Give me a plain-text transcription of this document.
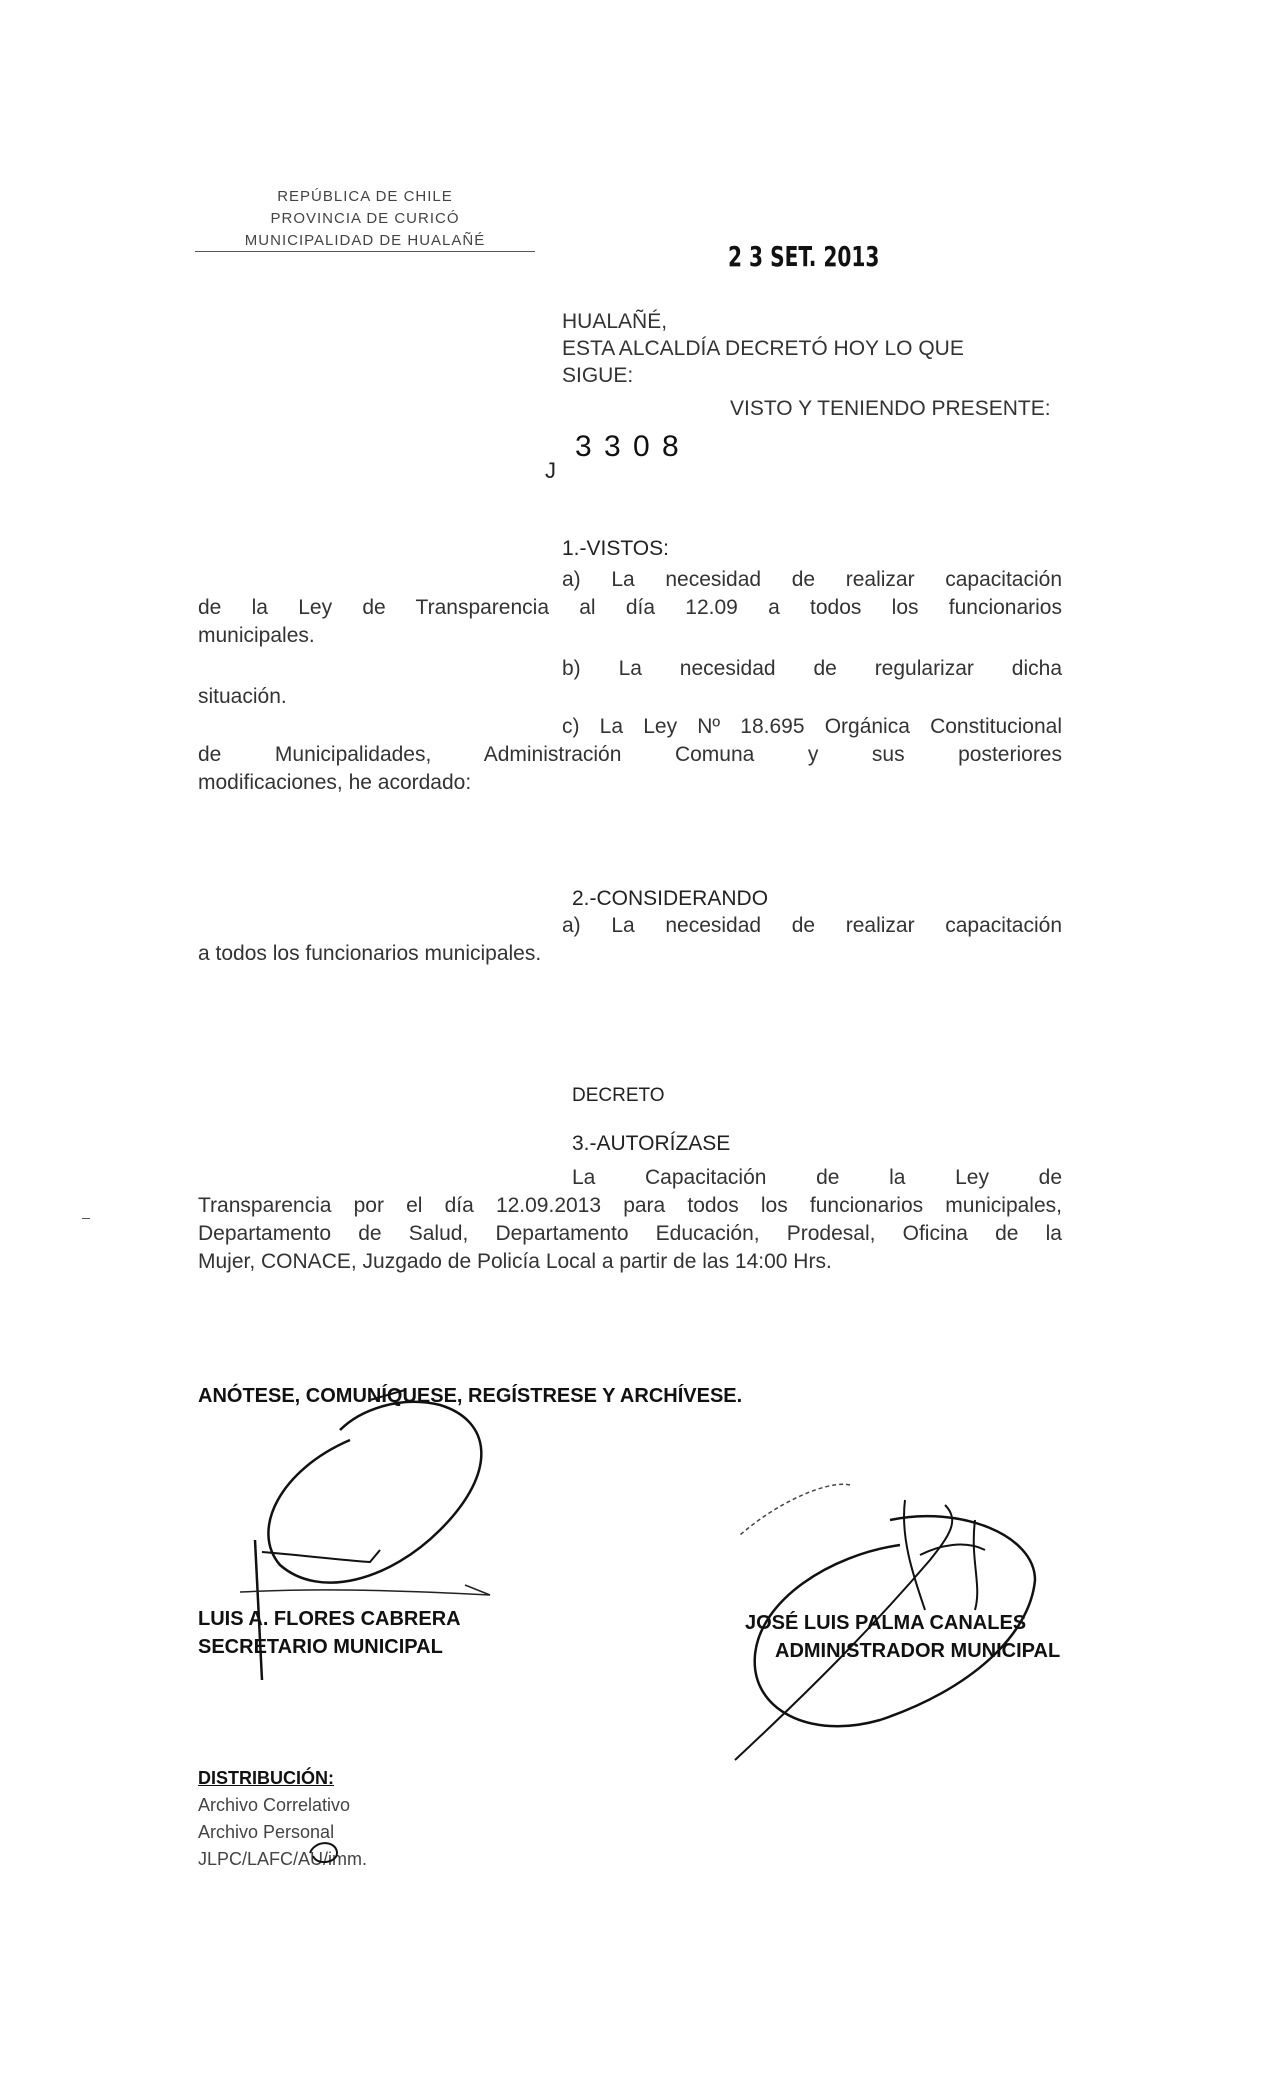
REPÚBLICA DE CHILE
PROVINCIA DE CURICÓ
MUNICIPALIDAD DE HUALAÑÉ	2 3 SET. 2013
HUALAÑÉ,
ESTA ALCALDÍA DECRETÓ HOY LO QUE
SIGUE:
VISTO Y TENIENDO PRESENTE:
J
3 3 0 8
1.-VISTOS:
a) La necesidad de realizar capacitación
de la Ley de Transparencia al día 12.09 a todos los funcionarios
municipales.
b) La necesidad de regularizar dicha
situación.
c) La Ley Nº 18.695 Orgánica Constitucional
de Municipalidades, Administración Comuna y sus posteriores
modificaciones, he acordado:
2.-CONSIDERANDO
a) La necesidad de realizar capacitación
a todos los funcionarios municipales.
DECRETO
3.-AUTORÍZASE
La Capacitación de la Ley de
Transparencia por el día 12.09.2013 para todos los funcionarios municipales,
Departamento de Salud, Departamento Educación, Prodesal, Oficina de la
Mujer, CONACE, Juzgado de Policía Local a partir de las 14:00 Hrs.
ANÓTESE, COMUNÍQUESE, REGÍSTRESE Y ARCHÍVESE.
LUIS A. FLORES CABRERA
SECRETARIO MUNICIPAL
JOSÉ LUIS PALMA CANALES
ADMINISTRADOR MUNICIPAL
DISTRIBUCIÓN:
Archivo Correlativo
Archivo Personal
JLPC/LAFC/AU/imm.
